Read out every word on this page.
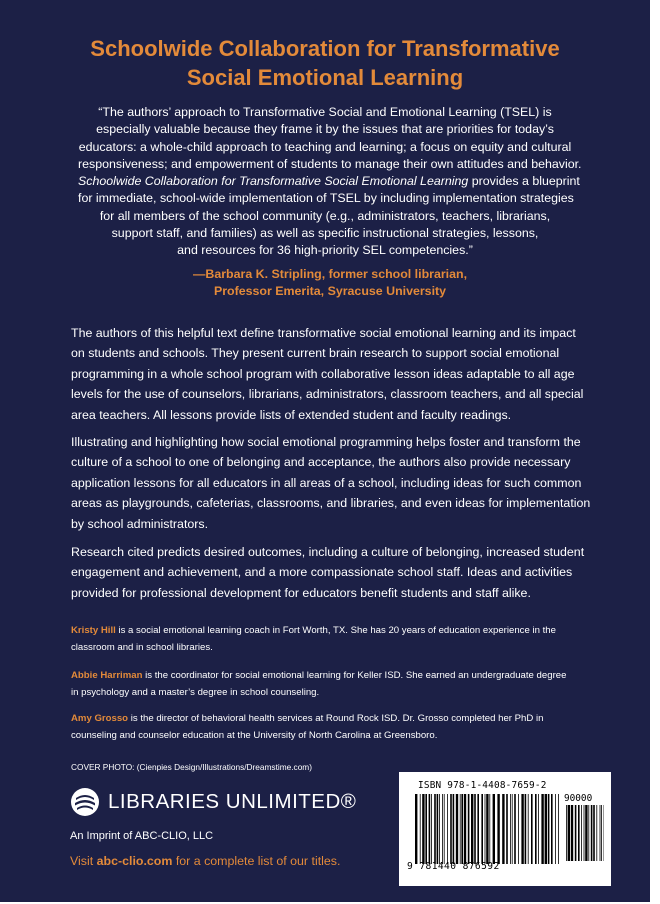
Schoolwide Collaboration for Transformative
Social Emotional Learning
“The authors’ approach to Transformative Social and Emotional Learning (TSEL) is
especially valuable because they frame it by the issues that are priorities for today’s
educators: a whole-child approach to teaching and learning; a focus on equity and cultural
responsiveness; and empowerment of students to manage their own attitudes and behavior.
Schoolwide Collaboration for Transformative Social Emotional Learning provides a blueprint
for immediate, school-wide implementation of TSEL by including implementation strategies
for all members of the school community (e.g., administrators, teachers, librarians,
support staff, and families) as well as specific instructional strategies, lessons,
and resources for 36 high-priority SEL competencies.”
—Barbara K. Stripling, former school librarian,
Professor Emerita, Syracuse University
The authors of this helpful text define transformative social emotional learning and its impact
on students and schools. They present current brain research to support social emotional
programming in a whole school program with collaborative lesson ideas adaptable to all age
levels for the use of counselors, librarians, administrators, classroom teachers, and all special
area teachers. All lessons provide lists of extended student and faculty readings.
Illustrating and highlighting how social emotional programming helps foster and transform the
culture of a school to one of belonging and acceptance, the authors also provide necessary
application lessons for all educators in all areas of a school, including ideas for such common
areas as playgrounds, cafeterias, classrooms, and libraries, and even ideas for implementation
by school administrators.
Research cited predicts desired outcomes, including a culture of belonging, increased student
engagement and achievement, and a more compassionate school staff. Ideas and activities
provided for professional development for educators benefit students and staff alike.
Kristy Hill is a social emotional learning coach in Fort Worth, TX. She has 20 years of education experience in the
classroom and in school libraries.
Abbie Harriman is the coordinator for social emotional learning for Keller ISD. She earned an undergraduate degree
in psychology and a master’s degree in school counseling.
Amy Grosso is the director of behavioral health services at Round Rock ISD. Dr. Grosso completed her PhD in
counseling and counselor education at the University of North Carolina at Greensboro.
COVER PHOTO: (Cienpies Design/Illustrations/Dreamstime.com)
LIBRARIES UNLIMITED®
An Imprint of ABC-CLIO, LLC
Visit abc-clio.com for a complete list of our titles.
ISBN 978-1-4408-7659-2
90000
9 781440 876592
